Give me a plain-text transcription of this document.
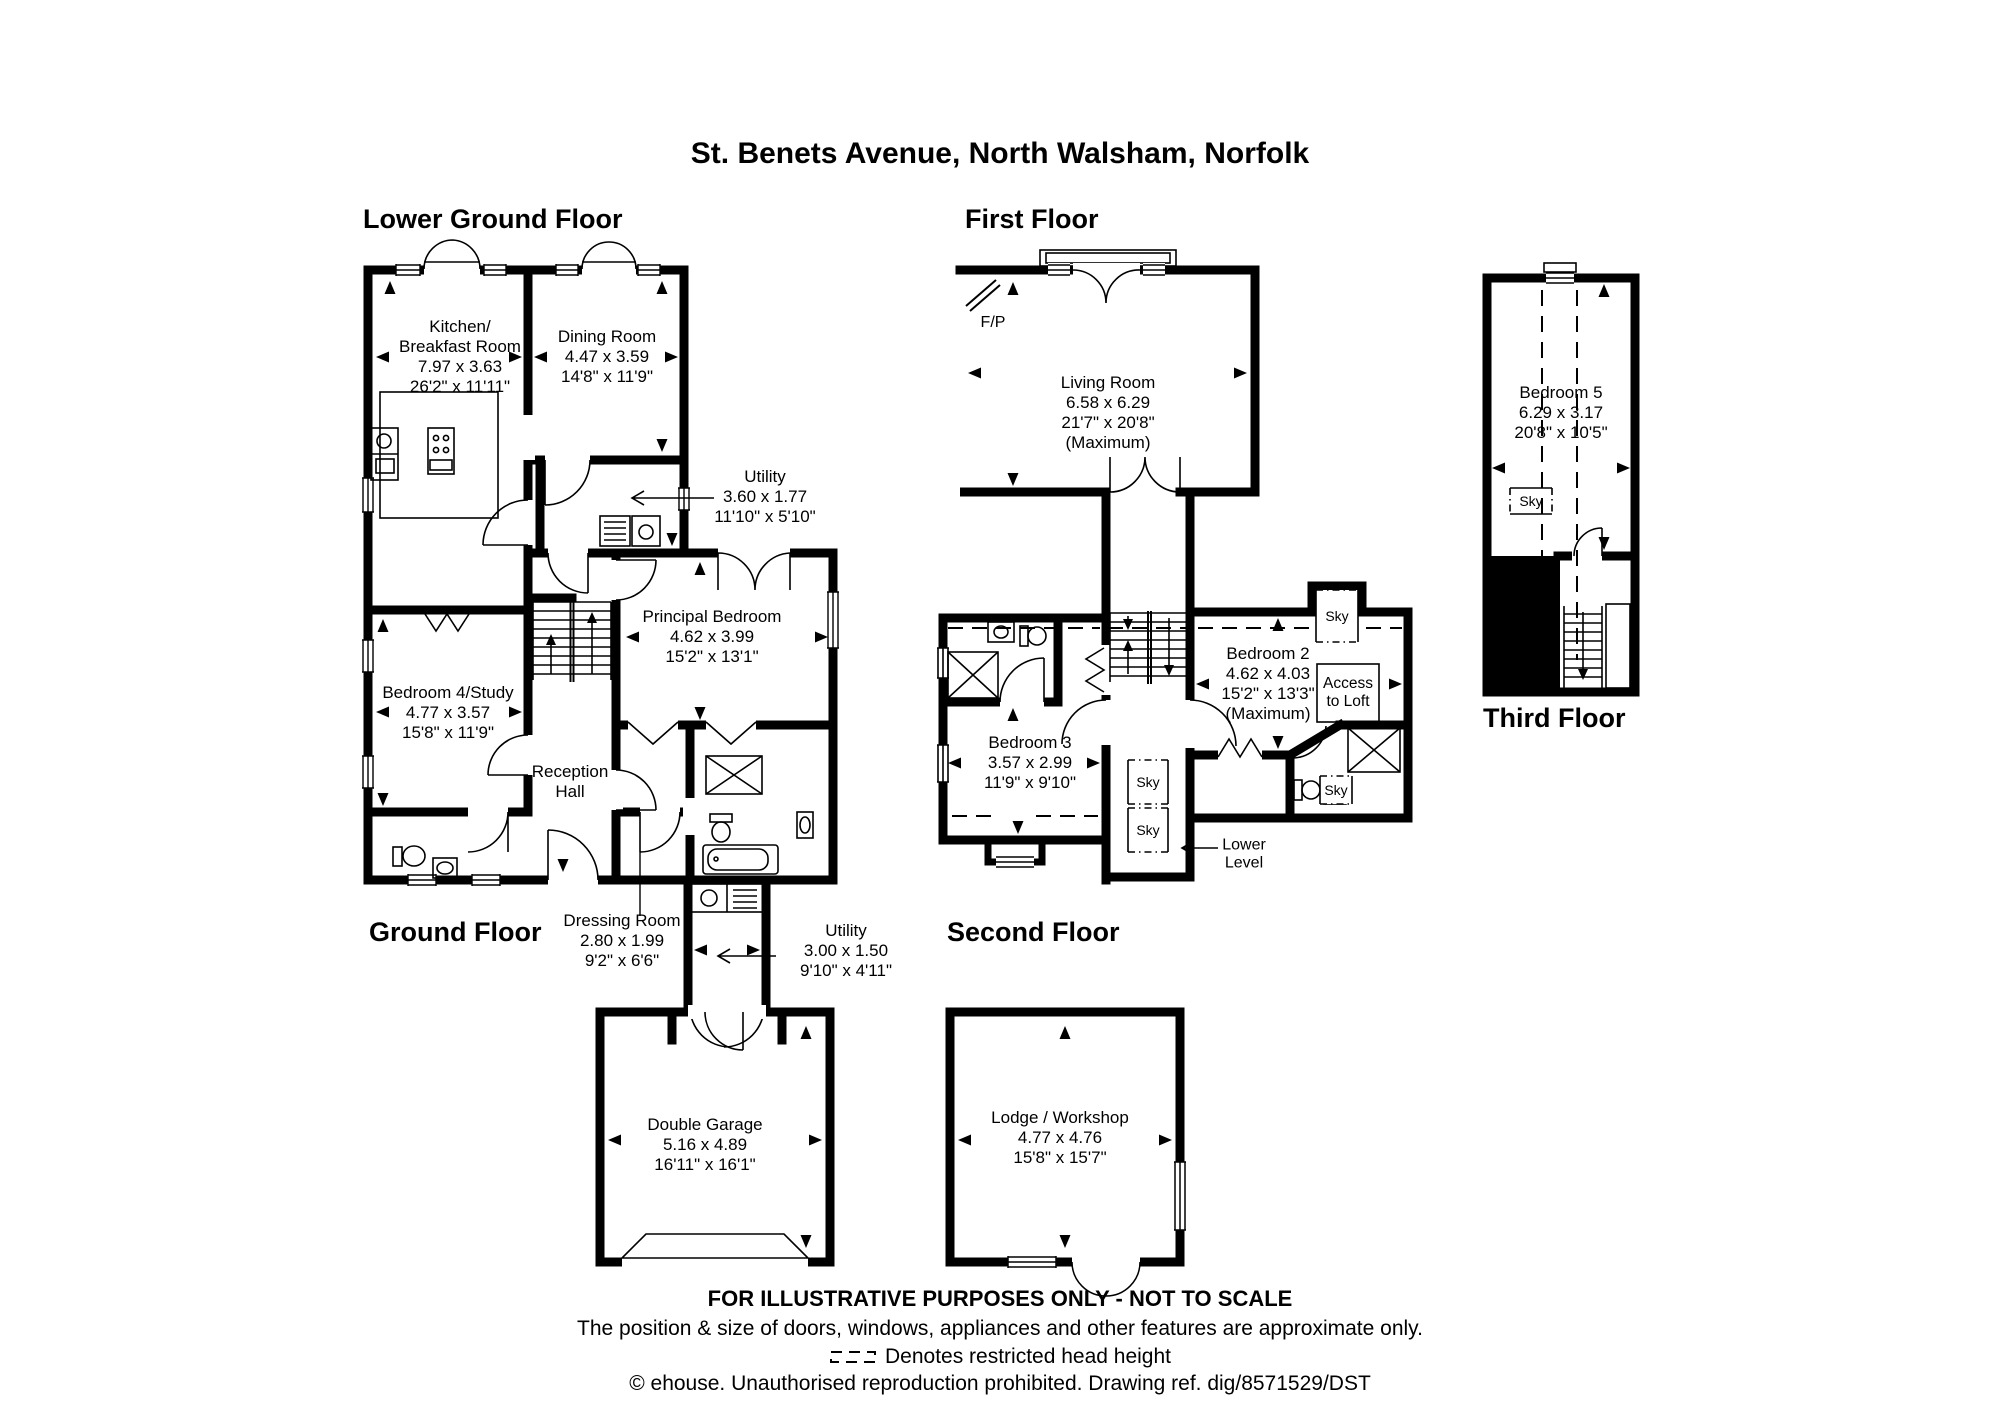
St. Benets Avenue, North Walsham, Norfolk
Lower Ground Floor	First Floor
Ground Floor	Second Floor
Third Floor
Kitchen/
Breakfast Room
7.97 x 3.63
26'2" x 11'11"
Dining Room
4.47 x 3.59
14'8" x 11'9"
Utility
3.60 x 1.77
11'10" x 5'10"
Principal Bedroom
4.62 x 3.99
15'2" x 13'1"
Bedroom 4/Study
4.77 x 3.57
15'8" x 11'9"
Reception
Hall
Dressing Room
2.80 x 1.99
9'2" x 6'6"
Utility
3.00 x 1.50
9'10" x 4'11"
Double Garage
5.16 x 4.89
16'11" x 16'1"
Living Room
6.58 x 6.29
21'7" x 20'8"
(Maximum)
Bedroom 2
4.62 x 4.03
15'2" x 13'3"
(Maximum)
Bedroom 3
3.57 x 2.99
11'9" x 9'10"
Bedroom 5
6.29 x 3.17
20'8" x 10'5"
Lodge / Workshop
4.77 x 4.76
15'8" x 15'7"
F/P
Access
to Loft
Lower
Level
Sky
Sky
Sky
Sky
Sky
FOR ILLUSTRATIVE PURPOSES ONLY - NOT TO SCALE
The position & size of doors, windows, appliances and other features are approximate only.
Denotes restricted head height
© ehouse. Unauthorised reproduction prohibited. Drawing ref. dig/8571529/DST
